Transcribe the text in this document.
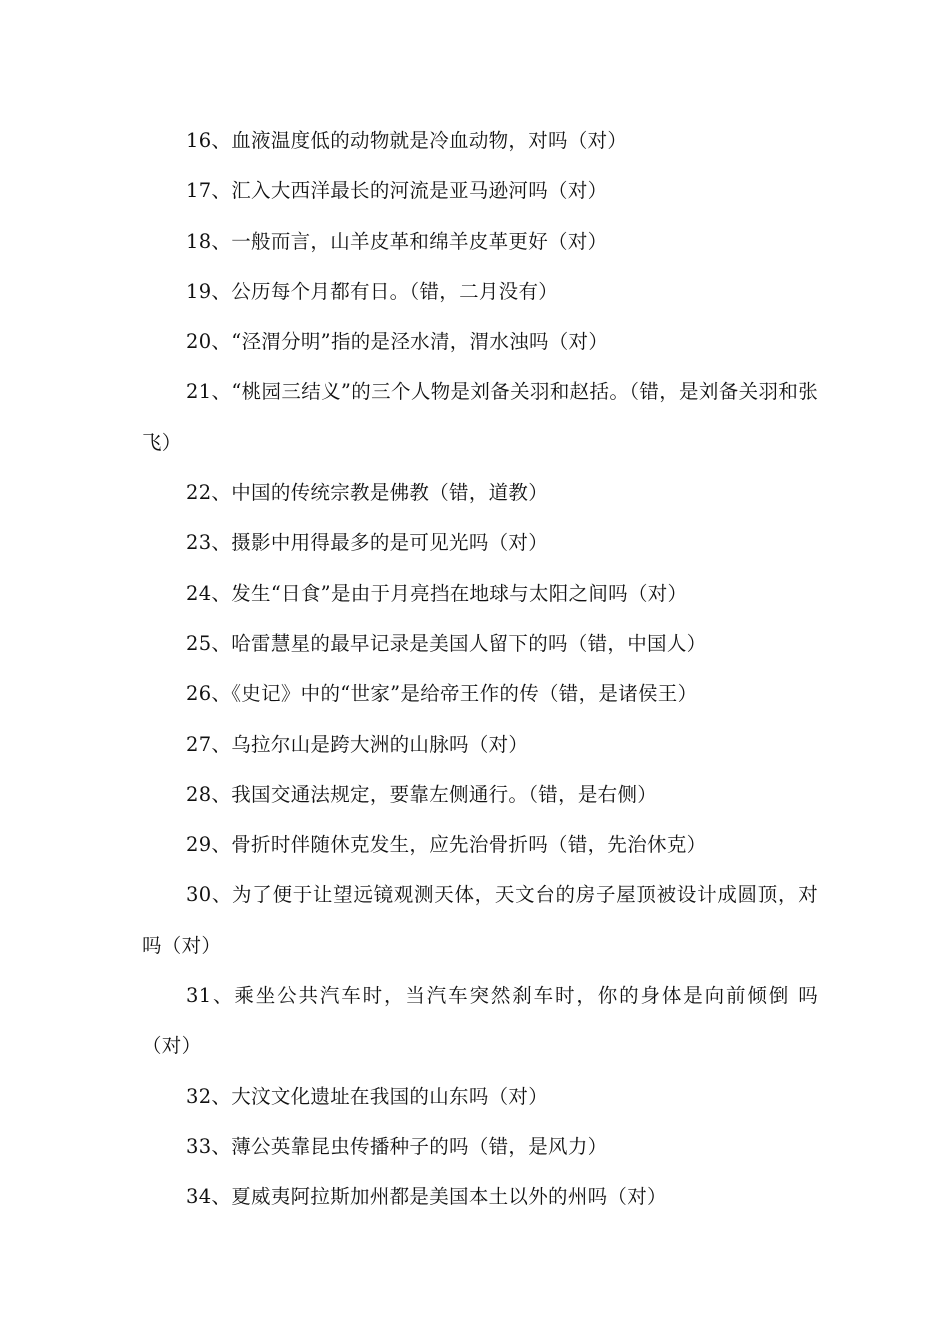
16、血液温度低的动物就是冷血动物，对吗（对）

17、汇入大西洋最长的河流是亚马逊河吗（对）

18、一般而言，山羊皮革和绵羊皮革更好（对）

19、公历每个月都有日。（错，二月没有）

20、“泾渭分明”指的是泾水清，渭水浊吗（对）

21、“桃园三结义”的三个人物是刘备关羽和赵括。（错，是刘备关羽和张飞）

22、中国的传统宗教是佛教（错，道教）

23、摄影中用得最多的是可见光吗（对）

24、发生“日食”是由于月亮挡在地球与太阳之间吗（对）

25、哈雷慧星的最早记录是美国人留下的吗（错，中国人）

26、《史记》中的“世家”是给帝王作的传（错，是诸侯王）

27、乌拉尔山是跨大洲的山脉吗（对）

28、我国交通法规定，要靠左侧通行。（错，是右侧）

29、骨折时伴随休克发生，应先治骨折吗（错，先治休克）

30、为了便于让望远镜观测天体，天文台的房子屋顶被设计成圆顶，对吗（对）

31、乘坐公共汽车时，当汽车突然刹车时，你的身体是向前倾倒 吗（对）

32、大汶文化遗址在我国的山东吗（对）

33、薄公英靠昆虫传播种子的吗（错，是风力）

34、夏威夷阿拉斯加州都是美国本土以外的州吗（对）
